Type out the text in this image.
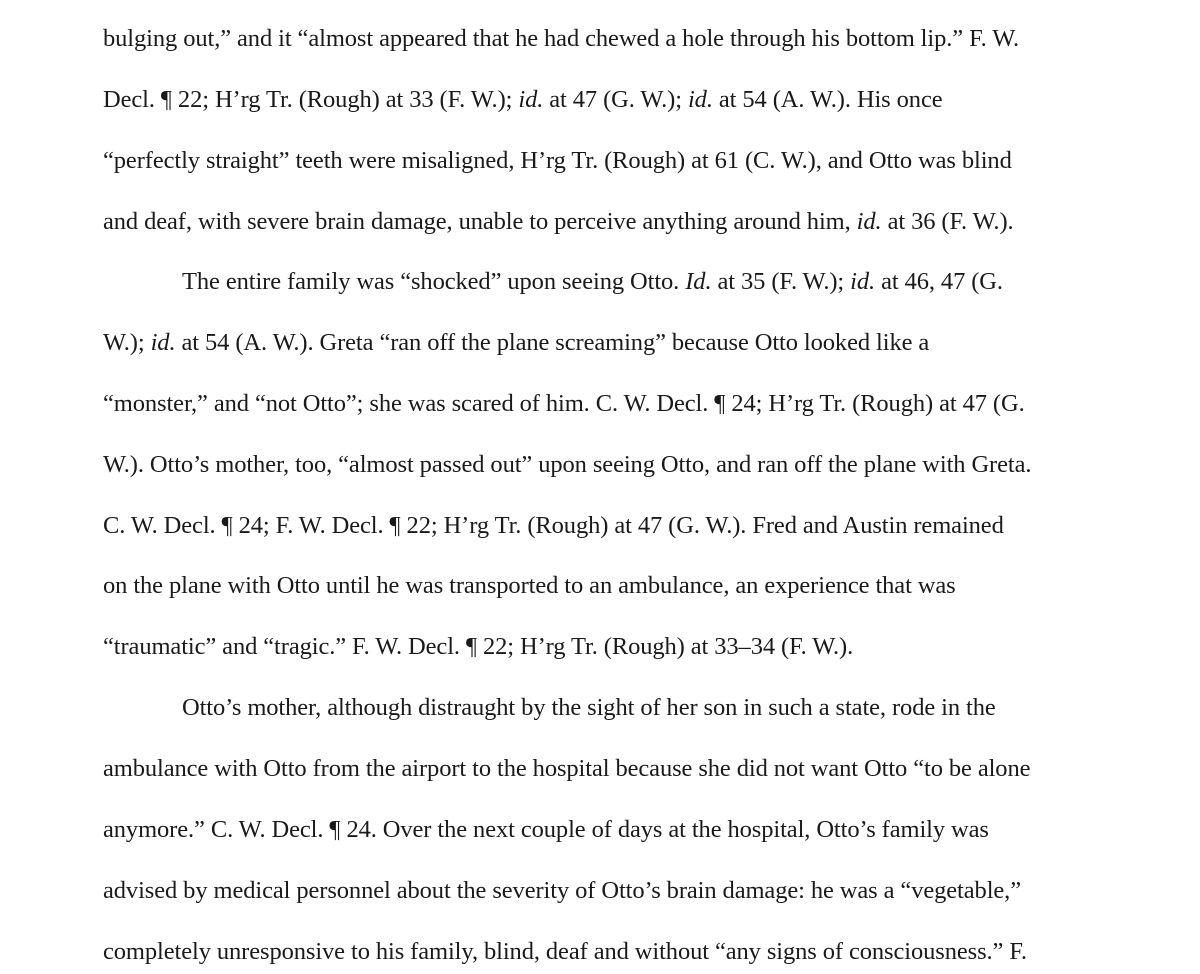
bulging out,” and it “almost appeared that he had chewed a hole through his bottom lip.” F. W.
Decl. ¶ 22; H’rg Tr. (Rough) at 33 (F. W.); id. at 47 (G. W.); id. at 54 (A. W.). His once
“perfectly straight” teeth were misaligned, H’rg Tr. (Rough) at 61 (C. W.), and Otto was blind
and deaf, with severe brain damage, unable to perceive anything around him, id. at 36 (F. W.).
The entire family was “shocked” upon seeing Otto. Id. at 35 (F. W.); id. at 46, 47 (G.
W.); id. at 54 (A. W.). Greta “ran off the plane screaming” because Otto looked like a
“monster,” and “not Otto”; she was scared of him. C. W. Decl. ¶ 24; H’rg Tr. (Rough) at 47 (G.
W.). Otto’s mother, too, “almost passed out” upon seeing Otto, and ran off the plane with Greta.
C. W. Decl. ¶ 24; F. W. Decl. ¶ 22; H’rg Tr. (Rough) at 47 (G. W.). Fred and Austin remained
on the plane with Otto until he was transported to an ambulance, an experience that was
“traumatic” and “tragic.” F. W. Decl. ¶ 22; H’rg Tr. (Rough) at 33–34 (F. W.).
Otto’s mother, although distraught by the sight of her son in such a state, rode in the
ambulance with Otto from the airport to the hospital because she did not want Otto “to be alone
anymore.” C. W. Decl. ¶ 24. Over the next couple of days at the hospital, Otto’s family was
advised by medical personnel about the severity of Otto’s brain damage: he was a “vegetable,”
completely unresponsive to his family, blind, deaf and without “any signs of consciousness.” F.
